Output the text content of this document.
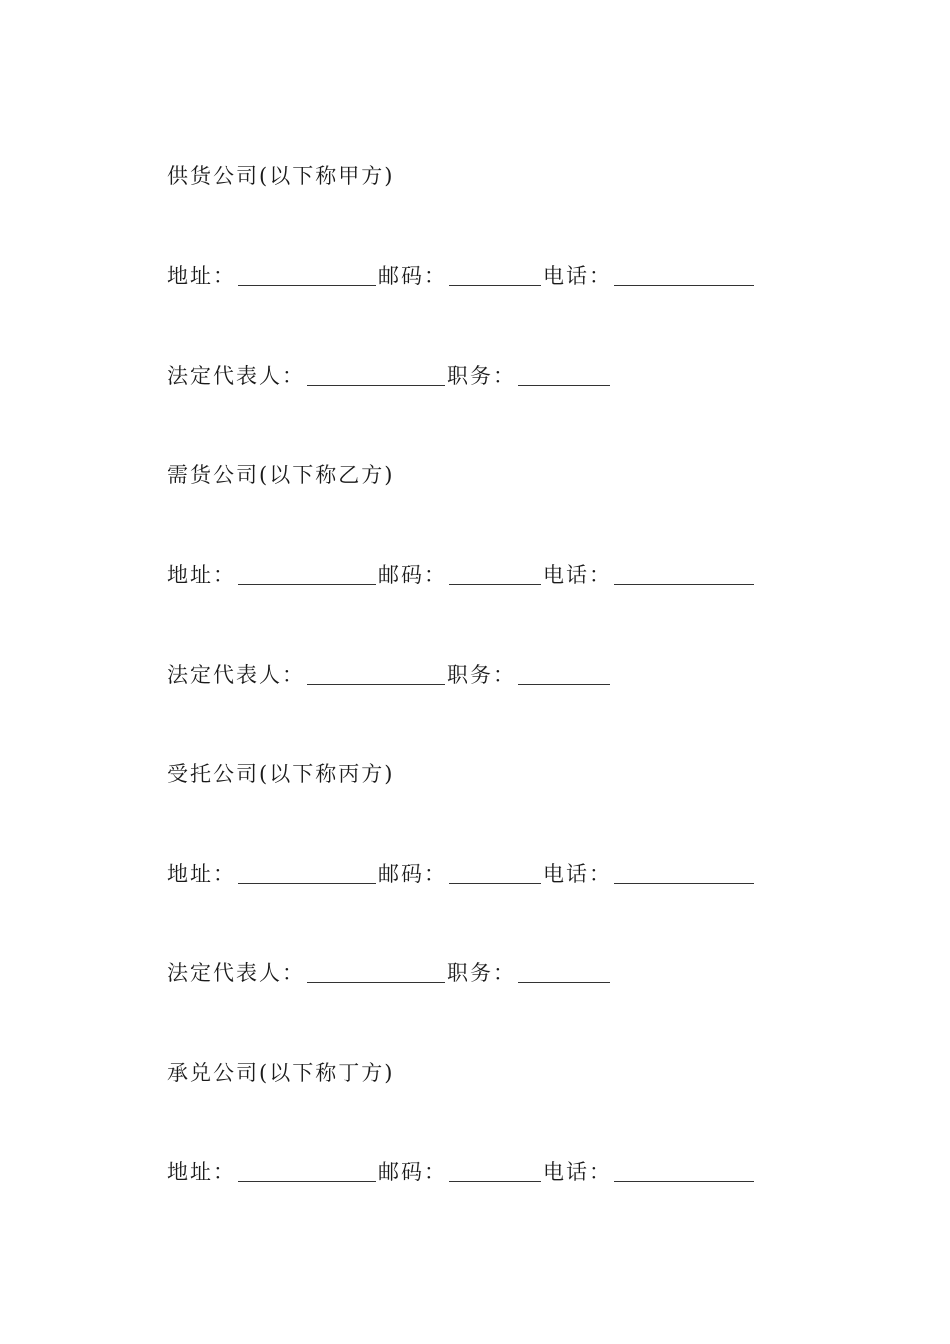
供货公司(以下称甲方)
地址：	邮码：	电话：
法定代表人：	职务：
需货公司(以下称乙方)
地址：	邮码：	电话：
法定代表人：	职务：
受托公司(以下称丙方)
地址：	邮码：	电话：
法定代表人：	职务：
承兑公司(以下称丁方)
地址：	邮码：	电话：
